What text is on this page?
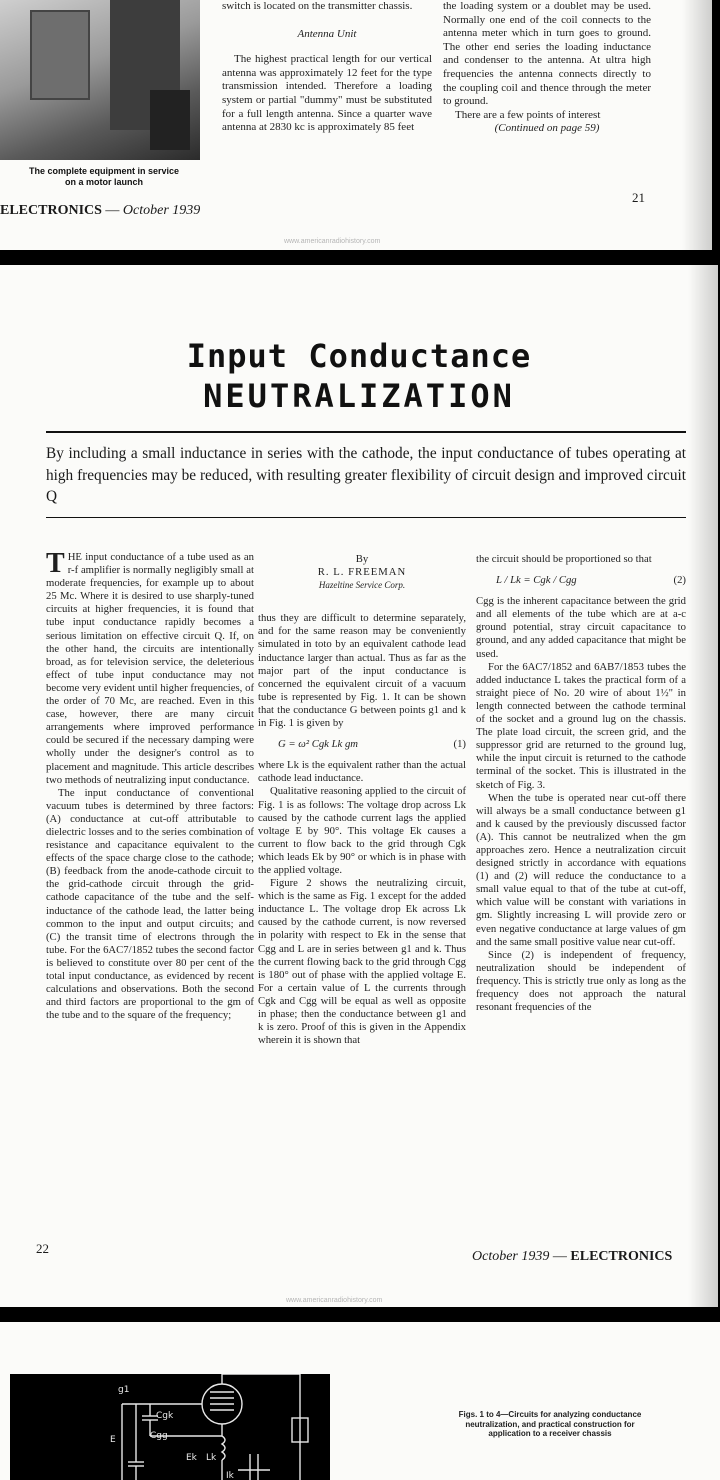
The complete equipment in service
on a motor launch

switch is located on the transmitter chassis.

Antenna Unit

The highest practical length for our vertical antenna was approximately 12 feet for the type transmission intended. Therefore a loading system or partial "dummy" must be substituted for a full length antenna. Since a quarter wave antenna at 2830 kc is approximately 85 feet

the loading system or a doublet may be used. Normally one end of the coil connects to the antenna meter which in turn goes to ground. The other end series the loading inductance and condenser to the antenna. At ultra high frequencies the antenna connects directly to the coupling coil and thence through the meter to ground.

There are a few points of interest

(Continued on page 59)

21
ELECTRONICS — October 1939
www.americanradiohistory.com
Input Conductance
NEUTRALIZATION
By including a small inductance in series with the cathode, the input conductance of tubes operating at high frequencies may be reduced, with resulting greater flexibility of circuit design and improved circuit Q

THE input conductance of a tube used as an r-f amplifier is normally negligibly small at moderate frequencies, for example up to about 25 Mc. Where it is desired to use sharply-tuned circuits at higher frequencies, it is found that tube input conductance rapidly becomes a serious limitation on effective circuit Q. If, on the other hand, the circuits are intentionally broad, as for television service, the deleterious effect of tube input conductance may not become very evident until higher frequencies, of the order of 70 Mc, are reached. Even in this case, however, there are many circuit arrangements where improved performance could be secured if the necessary damping were wholly under the designer's control as to placement and magnitude. This article describes two methods of neutralizing input conductance.

The input conductance of conventional vacuum tubes is determined by three factors: (A) conductance at cut-off attributable to dielectric losses and to the series combination of resistance and capacitance equivalent to the effects of the space charge close to the cathode; (B) feedback from the anode-cathode circuit to the grid-cathode circuit through the grid-cathode capacitance of the tube and the self-inductance of the cathode lead, the latter being common to the input and output circuits; and (C) the transit time of electrons through the tube. For the 6AC7/1852 tubes the second factor is believed to constitute over 80 per cent of the total input conductance, as evidenced by recent calculations and observations. Both the second and third factors are proportional to the gm of the tube and to the square of the frequency;

By

R. L. FREEMAN

Hazeltine Service Corp.

thus they are difficult to determine separately, and for the same reason may be conveniently simulated in toto by an equivalent cathode lead inductance larger than actual. Thus as far as the major part of the input conductance is concerned the equivalent circuit of a vacuum tube is represented by Fig. 1. It can be shown that the conductance G between points g1 and k in Fig. 1 is given by

G = ω² Cgk Lk gm	(1)

where Lk is the equivalent rather than the actual cathode lead inductance.

Qualitative reasoning applied to the circuit of Fig. 1 is as follows: The voltage drop across Lk caused by the cathode current lags the applied voltage E by 90°. This voltage Ek causes a current to flow back to the grid through Cgk which leads Ek by 90° or which is in phase with the applied voltage.

Figure 2 shows the neutralizing circuit, which is the same as Fig. 1 except for the added inductance L. The voltage drop Ek across Lk caused by the cathode current, is now reversed in polarity with respect to Ek in the sense that Cgg and L are in series between g1 and k. Thus the current flowing back to the grid through Cgg is 180° out of phase with the applied voltage E. For a certain value of L the currents through Cgk and Cgg will be equal as well as opposite in phase; then the conductance between g1 and k is zero. Proof of this is given in the Appendix wherein it is shown that

the circuit should be proportioned so that

L / Lk = Cgk / Cgg	(2)

Cgg is the inherent capacitance between the grid and all elements of the tube which are at a-c ground potential, stray circuit capacitance to ground, and any added capacitance that might be used.

For the 6AC7/1852 and 6AB7/1853 tubes the added inductance L takes the practical form of a straight piece of No. 20 wire of about 1½" in length connected between the cathode terminal of the socket and a ground lug on the chassis. The plate load circuit, the screen grid, and the suppressor grid are returned to the ground lug, while the input circuit is returned to the cathode terminal of the socket. This is illustrated in the sketch of Fig. 3.

When the tube is operated near cut-off there will always be a small conductance between g1 and k caused by the previously discussed factor (A). This cannot be neutralized when the gm approaches zero. Hence a neutralization circuit designed strictly in accordance with equations (1) and (2) will reduce the conductance to a small value equal to that of the tube at cut-off, which value will be constant with variations in gm. Slightly increasing L will provide zero or even negative conductance at large values of gm and the same small positive value near cut-off.

Since (2) is independent of frequency, neutralization should be independent of frequency. This is strictly true only as long as the frequency does not approach the natural resonant frequencies of the

22
October 1939 — ELECTRONICS
www.americanradiohistory.com
g1
Cgk
Cgg
E
Ek Lk
Ik
Figs. 1 to 4—Circuits for analyzing conductance neutralization, and practical construction for application to a receiver chassis
